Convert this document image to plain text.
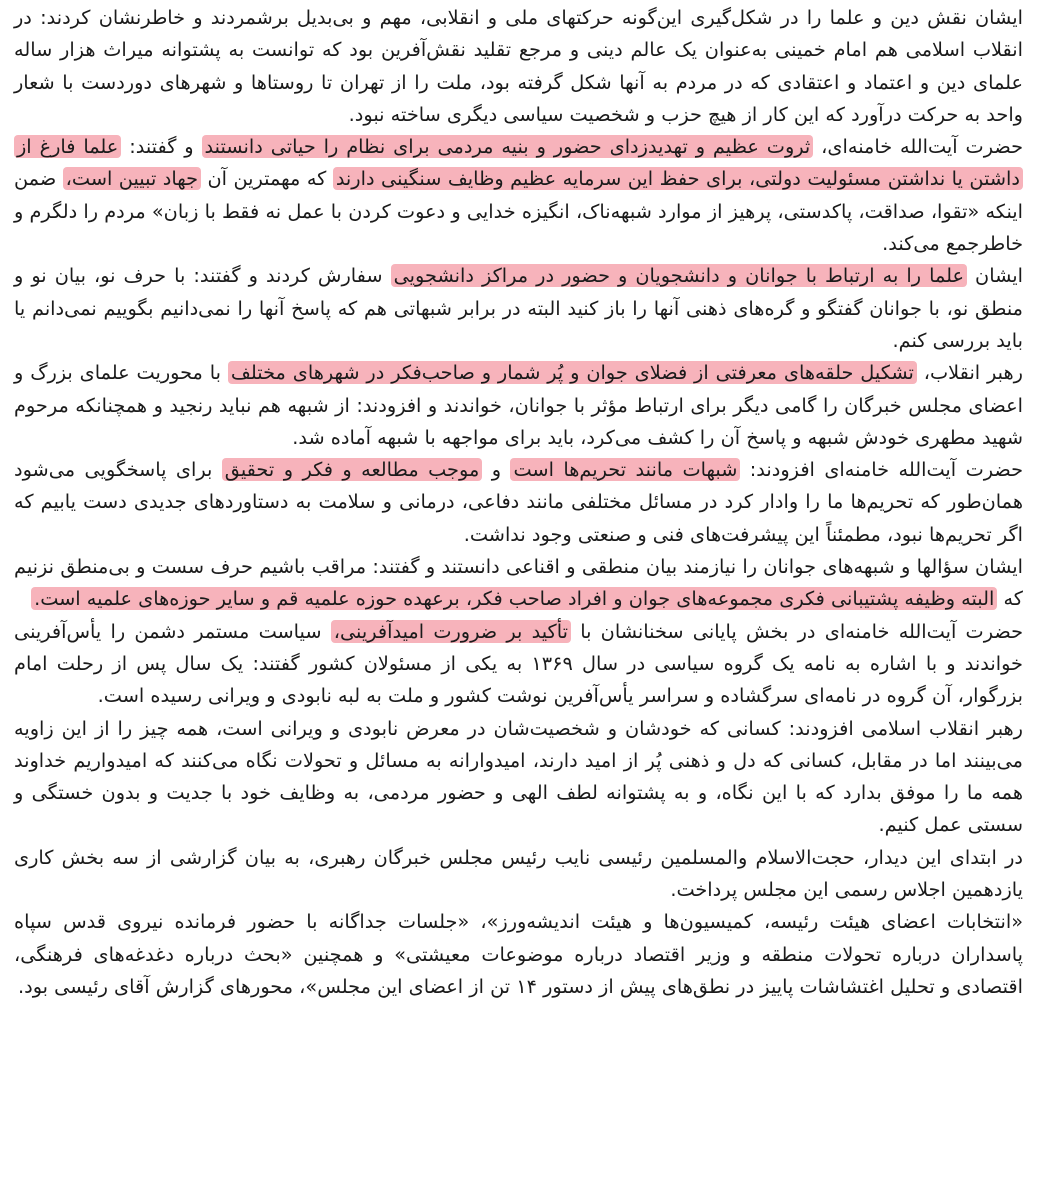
ایشان نقش دین و علما را در شکل‌گیری این‌گونه حرکتهای ملی و انقلابی، مهم و بی‌بدیل برشمردند و خاطرنشان کردند: در انقلاب اسلامی هم امام خمینی به‌عنوان یک عالم دینی و مرجع تقلید نقش‌آفرین بود که توانست به پشتوانه میراث هزار ساله علمای دین و اعتماد و اعتقادی که در مردم به آنها شکل گرفته بود، ملت را از تهران تا روستاها و شهرهای دوردست با شعار واحد به حرکت درآورد که این کار از هیچ حزب و شخصیت سیاسی دیگری ساخته نبود.

حضرت آیت‌الله خامنه‌ای، ثروت عظیم و تهدیدزدای حضور و بنیه مردمی برای نظام را حیاتی دانستند و گفتند: علما فارغ از داشتن یا نداشتن مسئولیت دولتی، برای حفظ این سرمایه عظیم وظایف سنگینی دارند که مهمترین آن جهاد تبیین است، ضمن اینکه «تقوا، صداقت، پاکدستی، پرهیز از موارد شبهه‌ناک، انگیزه خدایی و دعوت کردن با عمل نه فقط با زبان» مردم را دلگرم و خاطرجمع می‌کند.

ایشان علما را به ارتباط با جوانان و دانشجویان و حضور در مراکز دانشجویی سفارش کردند و گفتند: با حرف نو، بیان نو و منطق نو، با جوانان گفتگو و گره‌های ذهنی آنها را باز کنید البته در برابر شبهاتی هم که پاسخ آنها را نمی‌دانیم بگوییم نمی‌دانم یا باید بررسی کنم.

رهبر انقلاب، تشکیل حلقه‌های معرفتی از فضلای جوان و پُر شمار و صاحب‌فکر در شهرهای مختلف با محوریت علمای بزرگ و اعضای مجلس خبرگان را گامی دیگر برای ارتباط مؤثر با جوانان، خواندند و افزودند: از شبهه هم نباید رنجید و همچنانکه مرحوم شهید مطهری خودش شبهه و پاسخ آن را کشف می‌کرد، باید برای مواجهه با شبهه آماده شد.

حضرت آیت‌الله خامنه‌ای افزودند: شبهات مانند تحریم‌ها است و موجب مطالعه و فکر و تحقیق برای پاسخگویی می‌شود همان‌طور که تحریم‌ها ما را وادار کرد در مسائل مختلفی مانند دفاعی، درمانی و سلامت به دستاوردهای جدیدی دست یابیم که اگر تحریم‌ها نبود، مطمئناً این پیشرفت‌های فنی و صنعتی وجود نداشت.

ایشان سؤالها و شبهه‌های جوانان را نیازمند بیان منطقی و اقناعی دانستند و گفتند: مراقب باشیم حرف سست و بی‌منطق نزنیم که البته وظیفه پشتیبانی فکری مجموعه‌های جوان و افراد صاحب فکر، برعهده حوزه علمیه قم و سایر حوزه‌های علمیه است.

حضرت آیت‌الله خامنه‌ای در بخش پایانی سخنانشان با تأکید بر ضرورت امیدآفرینی، سیاست مستمر دشمن را یأس‌آفرینی خواندند و با اشاره به نامه یک گروه سیاسی در سال ۱۳۶۹ به یکی از مسئولان کشور گفتند: یک سال پس از رحلت امام بزرگوار، آن گروه در نامه‌ای سرگشاده و سراسر یأس‌آفرین نوشت کشور و ملت به لبه نابودی و ویرانی رسیده است.

رهبر انقلاب اسلامی افزودند: کسانی که خودشان و شخصیت‌شان در معرض نابودی و ویرانی است، همه چیز را از این زاویه می‌بینند اما در مقابل، کسانی که دل و ذهنی پُر از امید دارند، امیدوارانه به مسائل و تحولات نگاه می‌کنند که امیدواریم خداوند همه ما را موفق بدارد که با این نگاه، و به پشتوانه لطف الهی و حضور مردمی، به وظایف خود با جدیت و بدون خستگی و سستی عمل کنیم.

در ابتدای این دیدار، حجت‌الاسلام والمسلمین رئیسی نایب رئیس مجلس خبرگان رهبری، به بیان گزارشی از سه بخش کاری یازدهمین اجلاس رسمی این مجلس پرداخت.

«انتخابات اعضای هیئت رئیسه، کمیسیون‌ها و هیئت اندیشه‌ورز»، «جلسات جداگانه با حضور فرمانده نیروی قدس سپاه پاسداران درباره تحولات منطقه و وزیر اقتصاد درباره موضوعات معیشتی» و همچنین «بحث درباره دغدغه‌های فرهنگی، اقتصادی و تحلیل اغتشاشات پاییز در نطق‌های پیش از دستور ۱۴ تن از اعضای این مجلس»، محورهای گزارش آقای رئیسی بود.
